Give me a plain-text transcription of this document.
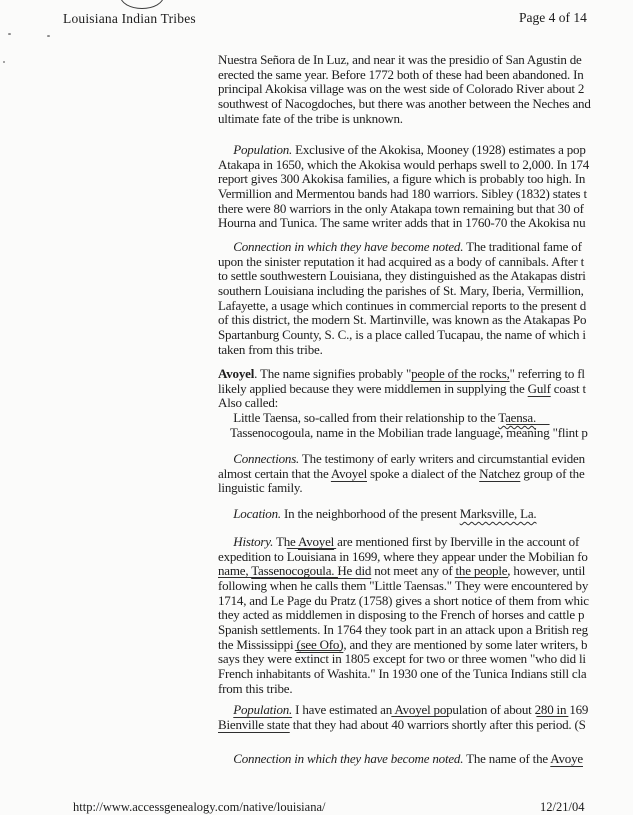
Louisiana Indian Tribes	Page 4 of 14
Nuestra Señora de In Luz, and near it was the presidio of San Agustin de
erected the same year. Before 1772 both of these had been abandoned. In
principal Akokisa village was on the west side of Colorado River about 2
southwest of Nacogdoches, but there was another between the Neches and
ultimate fate of the tribe is unknown.
Population. Exclusive of the Akokisa, Mooney (1928) estimates a pop
Atakapa in 1650, which the Akokisa would perhaps swell to 2,000. In 174
report gives 300 Akokisa families, a figure which is probably too high. In
Vermillion and Mermentou bands had 180 warriors. Sibley (1832) states t
there were 80 warriors in the only Atakapa town remaining but that 30 of
Hourna and Tunica. The same writer adds that in 1760-70 the Akokisa nu
Connection in which they have become noted. The traditional fame of
upon the sinister reputation it had acquired as a body of cannibals. After t
to settle southwestern Louisiana, they distinguished as the Atakapas distri
southern Louisiana including the parishes of St. Mary, Iberia, Vermillion,
Lafayette, a usage which continues in commercial reports to the present d
of this district, the modern St. Martinville, was known as the Atakapas Po
Spartanburg County, S. C., is a place called Tucapau, the name of which i
taken from this tribe.
Avoyel. The name signifies probably "people of the rocks," referring to fl
likely applied because they were middlemen in supplying the Gulf coast t
Also called:
Little Taensa, so-called from their relationship to the Taensa.
Tassenocogoula, name in the Mobilian trade language, meaning "flint p
Connections. The testimony of early writers and circumstantial eviden
almost certain that the Avoyel spoke a dialect of the Natchez group of the
linguistic family.
Location. In the neighborhood of the present Marksville, La.
History. The Avoyel are mentioned first by Iberville in the account of
expedition to Louisiana in 1699, where they appear under the Mobilian fo
name, Tassenocogoula. He did not meet any of the people, however, until
following when he calls them "Little Taensas." They were encountered by
1714, and Le Page du Pratz (1758) gives a short notice of them from whic
they acted as middlemen in disposing to the French of horses and cattle p
Spanish settlements. In 1764 they took part in an attack upon a British reg
the Mississippi (see Ofo), and they are mentioned by some later writers, b
says they were extinct in 1805 except for two or three women "who did li
French inhabitants of Washita." In 1930 one of the Tunica Indians still cla
from this tribe.
Population. I have estimated an Avoyel population of about 280 in 169
Bienville state that they had about 40 warriors shortly after this period. (S
Connection in which they have become noted. The name of the Avoye
http://www.accessgenealogy.com/native/louisiana/	12/21/04
